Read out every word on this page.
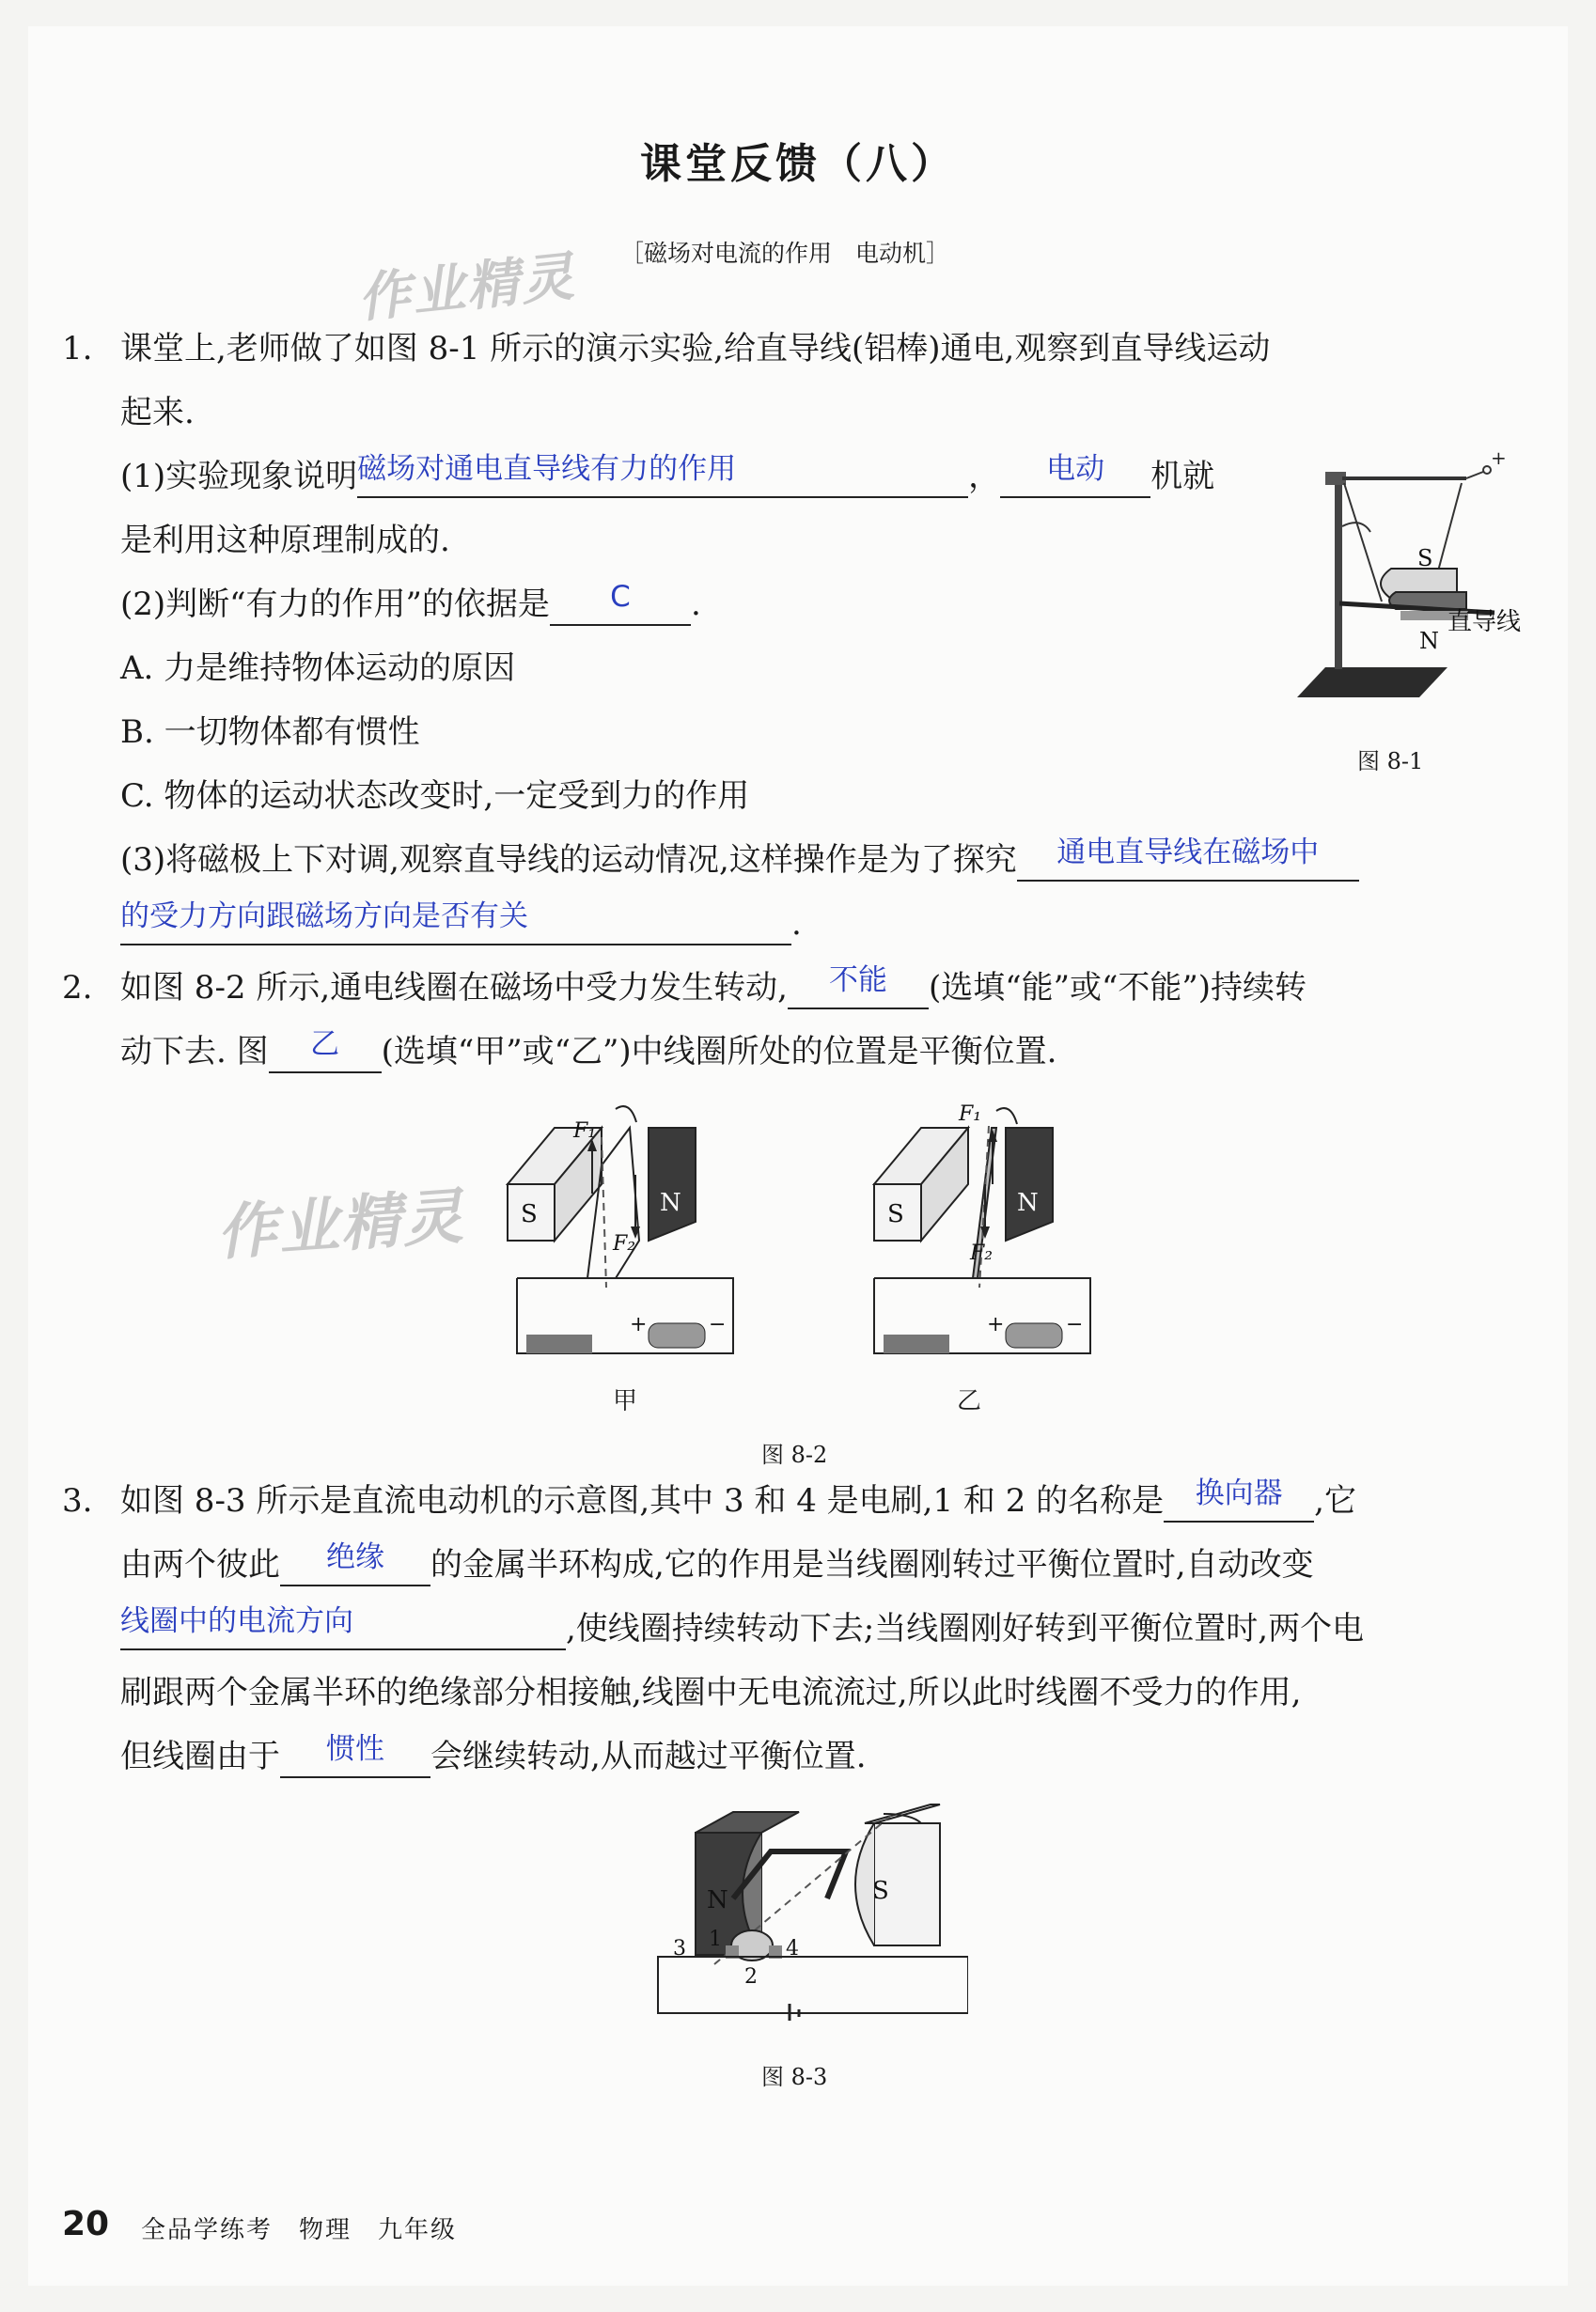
课堂反馈（八）
［磁场对电流的作用　电动机］
作业精灵
作业精灵
1. 课堂上,老师做了如图 8-1 所示的演示实验,给直导线(铝棒)通电,观察到直导线运动
起来.
(1)实验现象说明 磁场对通电直导线有力的作用	，	电动	机就
是利用这种原理制成的.
(2)判断“有力的作用”的依据是	C	.
A. 力是维持物体运动的原因
B. 一切物体都有惯性
C. 物体的运动状态改变时,一定受到力的作用
(3)将磁极上下对调,观察直导线的运动情况,这样操作是为了探究	通电直导线在磁场中
的受力方向跟磁场方向是否有关	.
+
S
N
直导线
图 8-1
2. 如图 8-2 所示,通电线圈在磁场中受力发生转动,	不能	(选填“能”或“不能”)持续转
动下去. 图	乙	(选填“甲”或“乙”)中线圈所处的位置是平衡位置.
S	N
F₁
F₂
+	−
甲
S	N
F₁
F₂
+	−
乙
图 8-2
3. 如图 8-3 所示是直流电动机的示意图,其中 3 和 4 是电刷,1 和 2 的名称是	换向器 ,它
由两个彼此	绝缘	的金属半环构成,它的作用是当线圈刚转过平衡位置时,自动改变
线圈中的电流方向	,使线圈持续转动下去;当线圈刚好转到平衡位置时,两个电
刷跟两个金属半环的绝缘部分相接触,线圈中无电流流过,所以此时线圈不受力的作用,
但线圈由于	惯性	会继续转动,从而越过平衡位置.
N	S
3 1	4
2
图 8-3
20 全品学练考　物理　九年级
